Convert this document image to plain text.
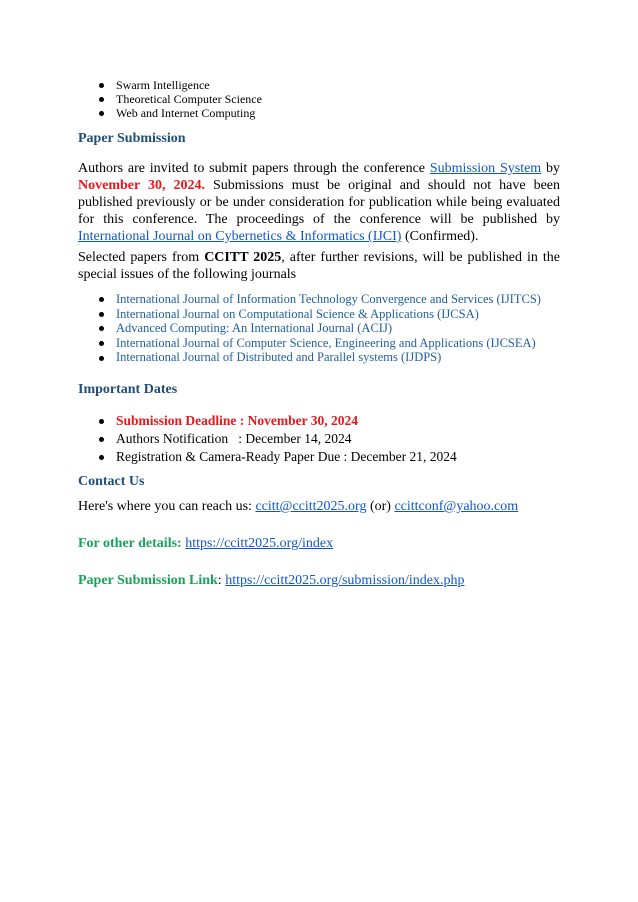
Swarm Intelligence
Theoretical Computer Science
Web and Internet Computing
Paper Submission

Authors are invited to submit papers through the conference Submission System by November 30, 2024. Submissions must be original and should not have been published previously or be under consideration for publication while being evaluated for this conference. The proceedings of the conference will be published by International Journal on Cybernetics & Informatics (IJCI) (Confirmed).

Selected papers from CCITT 2025, after further revisions, will be published in the special issues of the following journals

International Journal of Information Technology Convergence and Services (IJITCS)
International Journal on Computational Science & Applications (IJCSA)
Advanced Computing: An International Journal (ACIJ)
International Journal of Computer Science, Engineering and Applications (IJCSEA)
International Journal of Distributed and Parallel systems (IJDPS)
Important Dates
Submission Deadline : November 30, 2024
Authors Notification   : December 14, 2024
Registration & Camera-Ready Paper Due : December 21, 2024
Contact Us
Here's where you can reach us: ccitt@ccitt2025.org (or) ccittconf@yahoo.com
For other details: https://ccitt2025.org/index
Paper Submission Link: https://ccitt2025.org/submission/index.php
